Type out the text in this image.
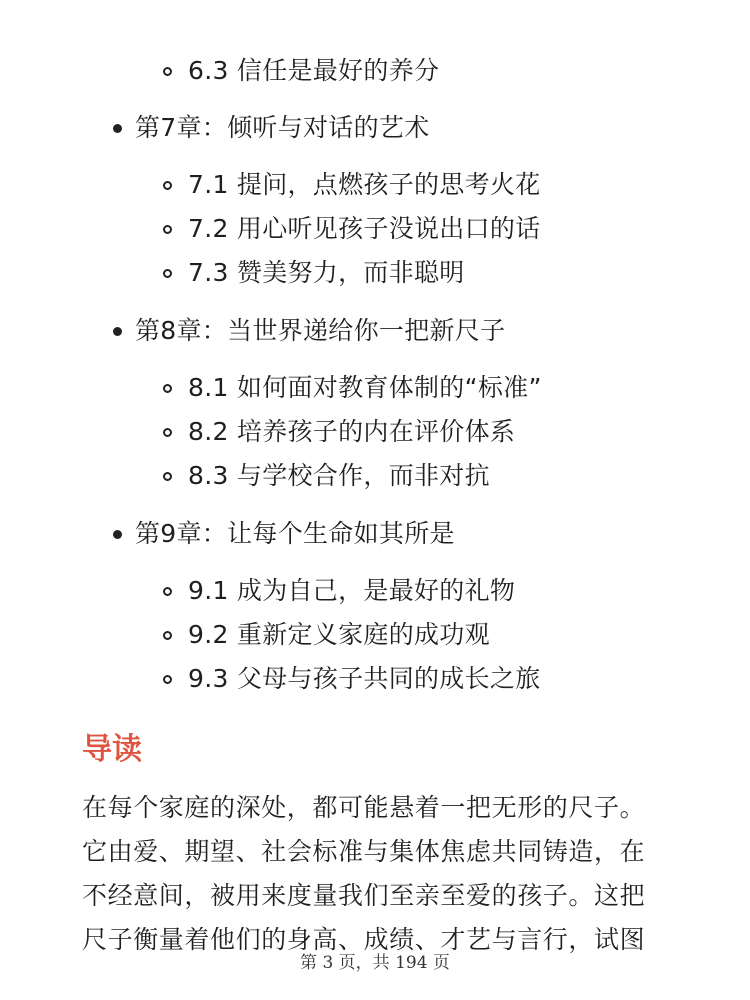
6.3 信任是最好的养分
第7章：倾听与对话的艺术
7.1 提问，点燃孩子的思考火花
7.2 用心听见孩子没说出口的话
7.3 赞美努力，而非聪明
第8章：当世界递给你一把新尺子
8.1 如何面对教育体制的“标准”
8.2 培养孩子的内在评价体系
8.3 与学校合作，而非对抗
第9章：让每个生命如其所是
9.1 成为自己，是最好的礼物
9.2 重新定义家庭的成功观
9.3 父母与孩子共同的成长之旅
导读
在每个家庭的深处，都可能悬着一把无形的尺子。
它由爱、期望、社会标准与集体焦虑共同铸造，在
不经意间，被用来度量我们至亲至爱的孩子。这把
尺子衡量着他们的身高、成绩、才艺与言行，试图
第 3 页，共 194 页
